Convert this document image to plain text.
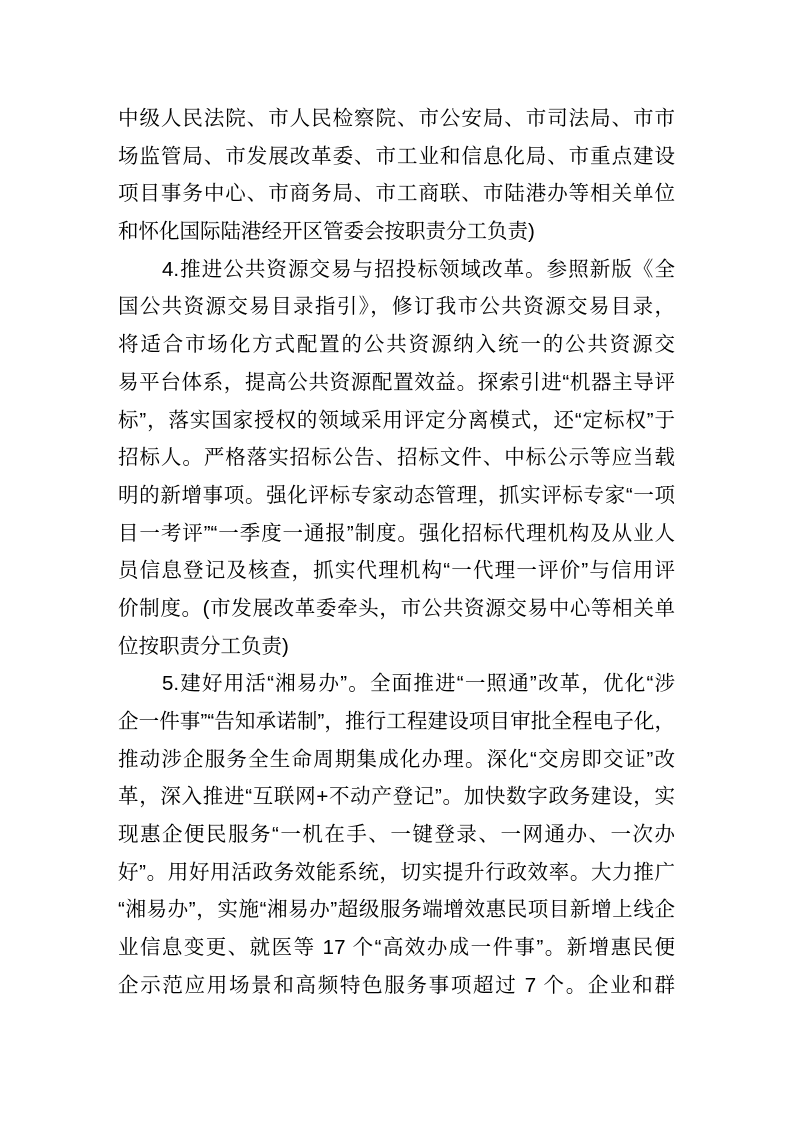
中级人民法院、市人民检察院、市公安局、市司法局、市市
场监管局、市发展改革委、市工业和信息化局、市重点建设
项目事务中心、市商务局、市工商联、市陆港办等相关单位
和怀化国际陆港经开区管委会按职责分工负责)
4.推进公共资源交易与招投标领域改革。参照新版《全
国公共资源交易目录指引》，修订我市公共资源交易目录，
将适合市场化方式配置的公共资源纳入统一的公共资源交
易平台体系，提高公共资源配置效益。探索引进“机器主导评
标”，落实国家授权的领域采用评定分离模式，还“定标权”于
招标人。严格落实招标公告、招标文件、中标公示等应当载
明的新增事项。强化评标专家动态管理，抓实评标专家“一项
目一考评”“一季度一通报”制度。强化招标代理机构及从业人
员信息登记及核查，抓实代理机构“一代理一评价”与信用评
价制度。(市发展改革委牵头，市公共资源交易中心等相关单
位按职责分工负责)
5.建好用活“湘易办”。全面推进“一照通”改革，优化“涉
企一件事”“告知承诺制”，推行工程建设项目审批全程电子化，
推动涉企服务全生命周期集成化办理。深化“交房即交证”改
革，深入推进“互联网+不动产登记”。加快数字政务建设，实
现惠企便民服务“一机在手、一键登录、一网通办、一次办
好”。用好用活政务效能系统，切实提升行政效率。大力推广
“湘易办”，实施“湘易办”超级服务端增效惠民项目新增上线企
业信息变更、就医等 17 个“高效办成一件事”。新增惠民便
企示范应用场景和高频特色服务事项超过 7 个。企业和群
